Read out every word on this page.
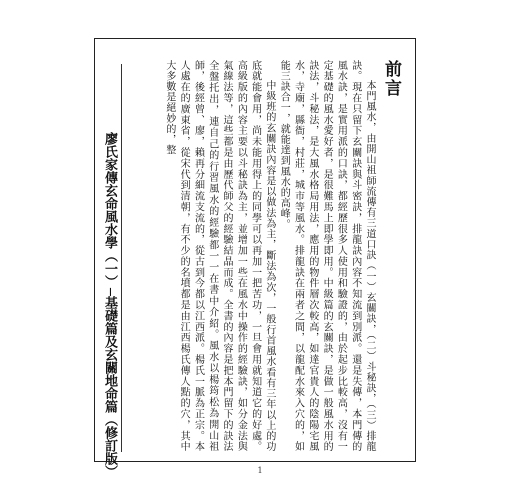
廖氏家傳玄命風水學（一）─基礎篇及玄關地命篇（修訂版）	本門風水，由開山祖師流傳有三道口訣（一）玄關訣，（二）斗秘訣，（三）排龍訣。現在只留下玄關訣與斗密訣，排龍訣內容不知流到別派。還是失傳，本門傳的風水訣，是實用派的口訣，都經歷很多人使用和驗證的，由於起步比較高，沒有一定基礎的風水愛好者，是很難馬上即學即用。中級篇的玄關訣，是做一般風水用的訣法，斗秘法，是大風水格局用法，應用的物件層次較高，如達官貴人的陰陽宅風水，寺廟，縣衙，村莊，城市等風水。排龍訣在兩者之間，以龍配水來入穴的，如能三訣合一，就能達到風水的高峰。

中級班的玄關訣內容是以做法為主，斷法為次，一般行首風水看有三年以上的功底就能會用，尚未能用得上的同學可以再加一把苦功，一旦會用就知道它的好處。高級版的內容主要以斗秘訣為主，並增加一些在風水中操作的經驗訣，如分金法與氣線法等，這些都是由歷代師父的經驗結晶而成。全書的內容是把本門留下的訣法全盤托出，連自己的行習風水的經驗都一一在書中介紹。風水以楊筠松為開山祖師，後經曾、廖，賴再分細流支流的，從古到今都以江西派。楊氏一脈為正宗。本人處在的廣東省，從宋代到清朝，有不少的名墳都是由江西楊氏傳人點的穴，其中大多數是絕妙的，整	前言
1
